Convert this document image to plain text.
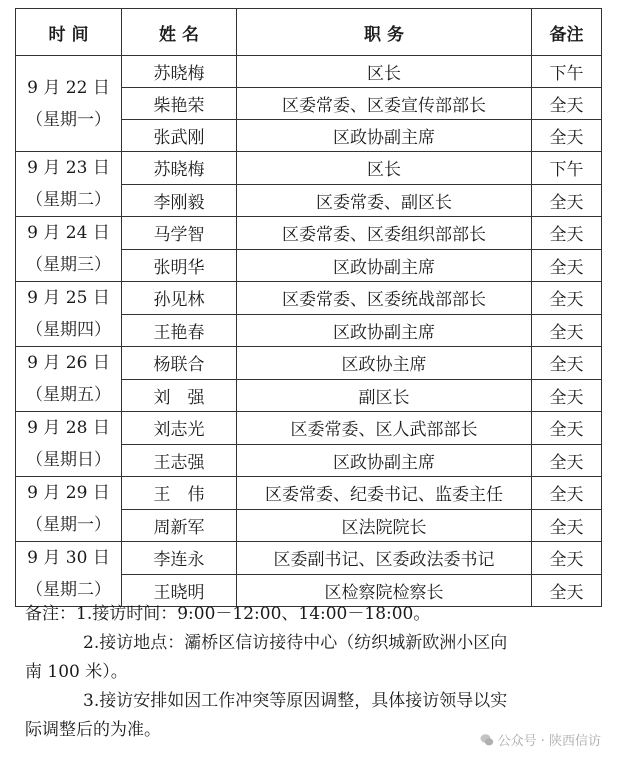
时 间	姓 名	职 务	备注

9 月 22 日
（星期一）	苏晓梅	区长	下午
	柴艳荣	区委常委、区委宣传部部长	全天
	张武刚	区政协副主席	全天

9 月 23 日
（星期二）	苏晓梅	区长	下午
	李刚毅	区委常委、副区长	全天

9 月 24 日
（星期三）	马学智	区委常委、区委组织部部长	全天
	张明华	区政协副主席	全天

9 月 25 日
（星期四）	孙见林	区委常委、区委统战部部长	全天
	王艳春	区政协副主席	全天

9 月 26 日
（星期五）	杨联合	区政协主席	全天
	刘　强	副区长	全天

9 月 28 日
（星期日）	刘志光	区委常委、区人武部部长	全天
	王志强	区政协副主席	全天

9 月 29 日
（星期一）	王　伟	区委常委、纪委书记、监委主任	全天
	周新军	区法院院长	全天

9 月 30 日
（星期二）	李连永	区委副书记、区委政法委书记	全天
	王晓明	区检察院检察长	全天

备注：1.接访时间：9:00－12:00、14:00－18:00。

2.接访地点：灞桥区信访接待中心（纺织城新欧洲小区向

南 100 米）。

3.接访安排如因工作冲突等原因调整，具体接访领导以实

际调整后的为准。

公众号 · 陕西信访
